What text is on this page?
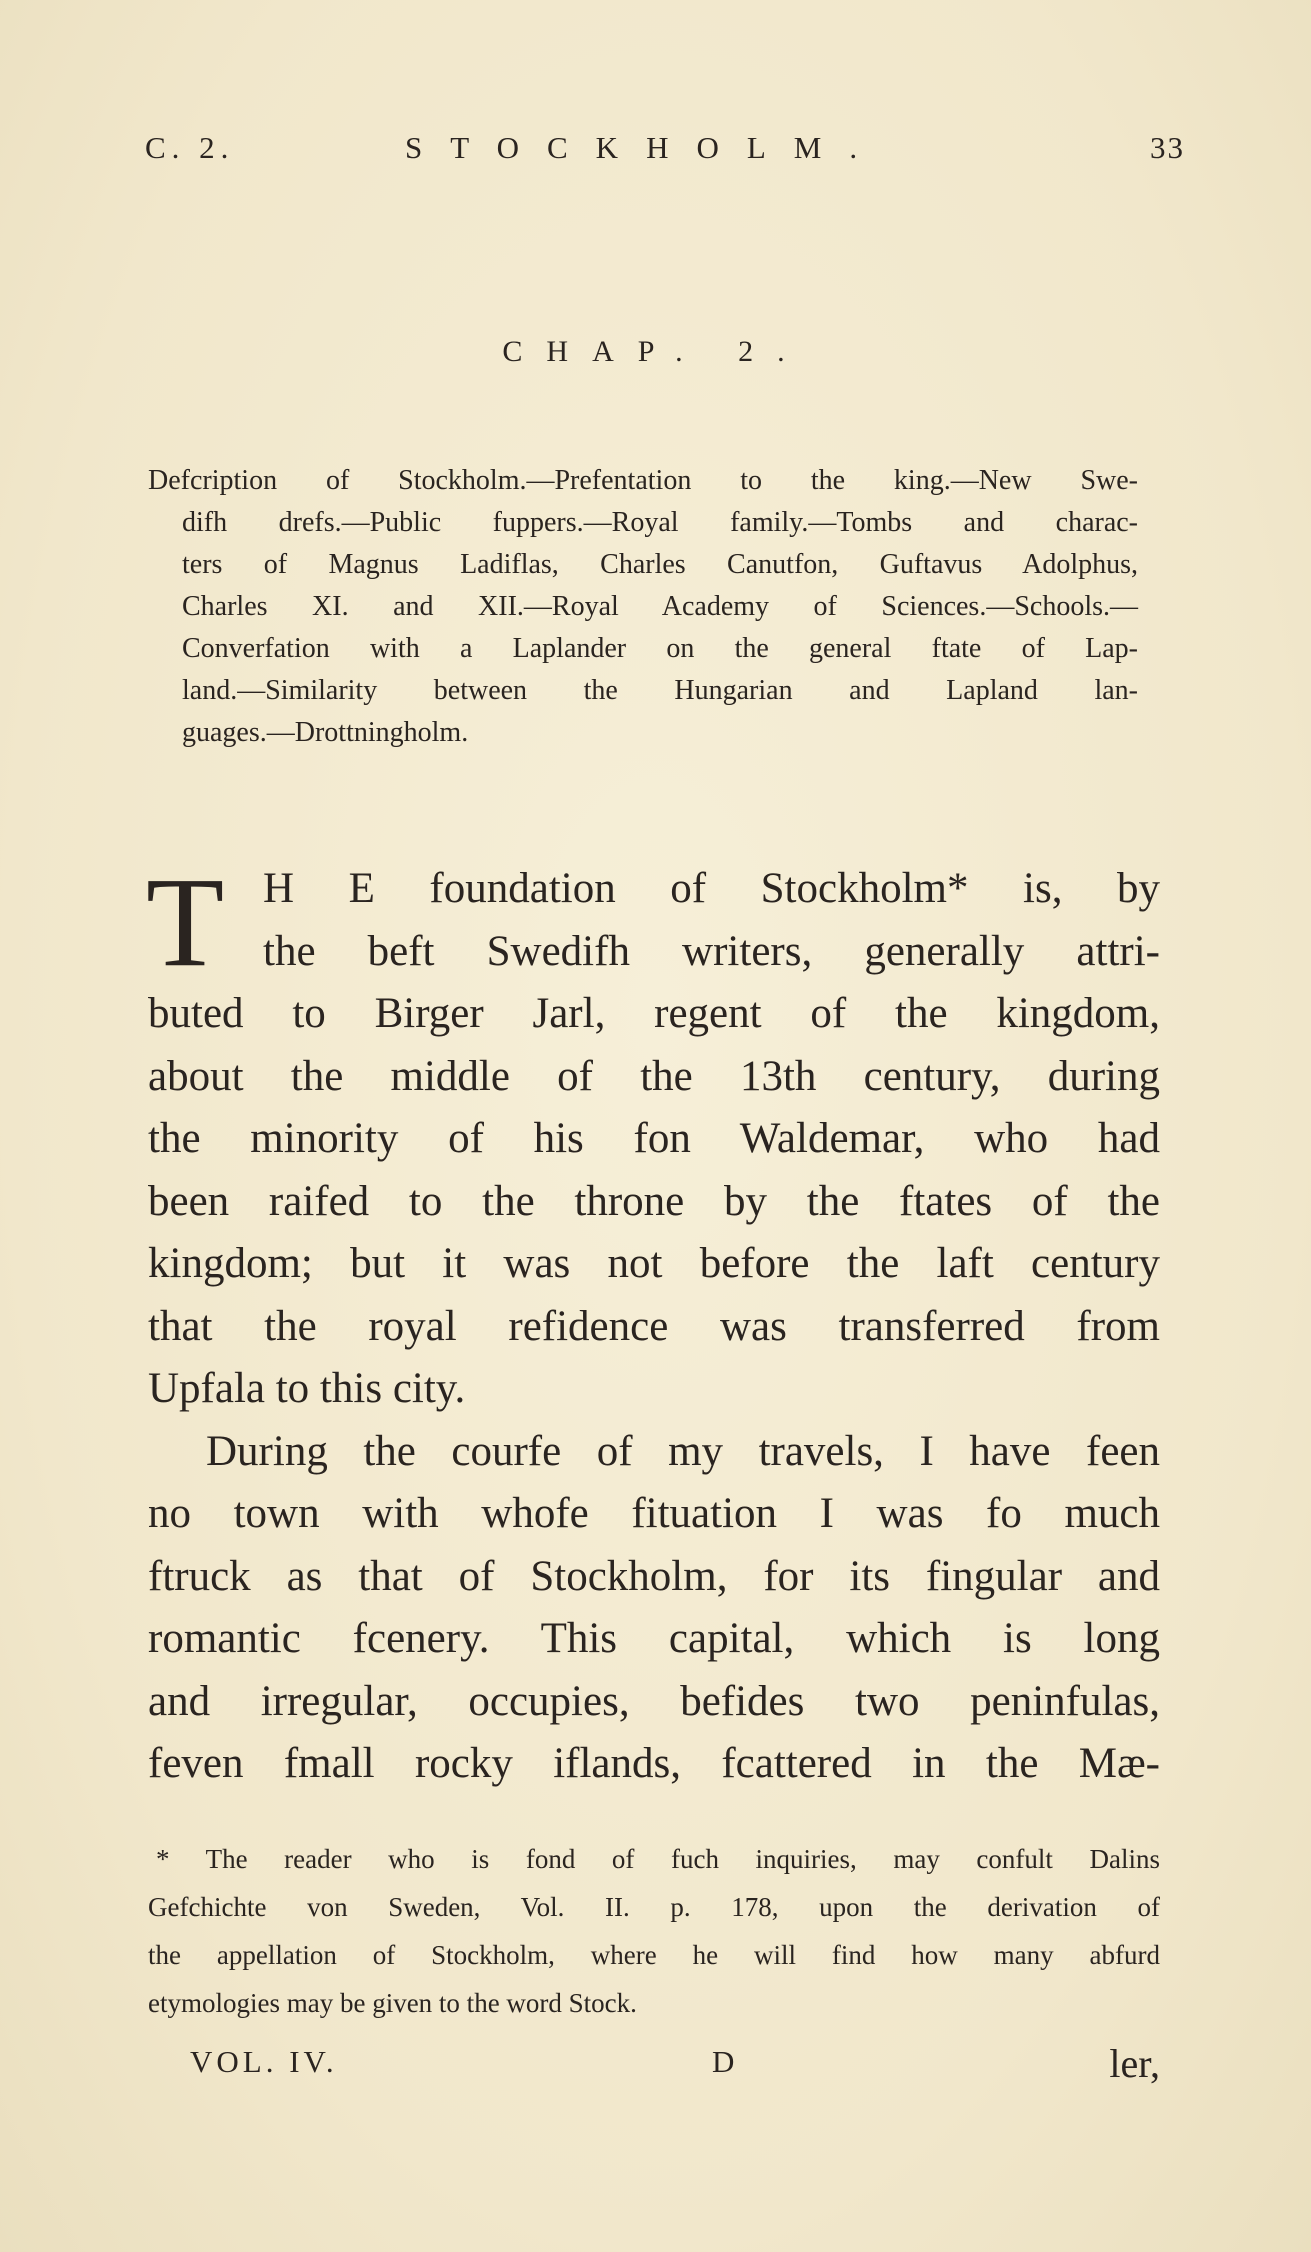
C. 2.	STOCKHOLM.	33
CHAP. 2.
Defcription of Stockholm.—Prefentation to the king.—New Swe-
difh drefs.—Public fuppers.—Royal family.—Tombs and charac-
ters of Magnus Ladiflas, Charles Canutfon, Guftavus Adolphus,
Charles XI. and XII.—Royal Academy of Sciences.—Schools.—
Converfation with a Laplander on the general ftate of Lap-
land.—Similarity between the Hungarian and Lapland lan-
guages.—Drottningholm.
T H E foundation of Stockholm* is, by
the beft Swedifh writers, generally attri-
buted to Birger Jarl, regent of the kingdom,
about the middle of the 13th century, during
the minority of his fon Waldemar, who had
been raifed to the throne by the ftates of the
kingdom; but it was not before the laft century
that the royal refidence was transferred from
Upfala to this city.
During the courfe of my travels, I have feen
no town with whofe fituation I was fo much
ftruck as that of Stockholm, for its fingular and
romantic fcenery. This capital, which is long
and irregular, occupies, befides two peninfulas,
feven fmall rocky iflands, fcattered in the Mæ-
* The reader who is fond of fuch inquiries, may confult Dalins
Gefchichte von Sweden, Vol. II. p. 178, upon the derivation of
the appellation of Stockholm, where he will find how many abfurd
etymologies may be given to the word Stock.
VOL. IV.	D	ler,
